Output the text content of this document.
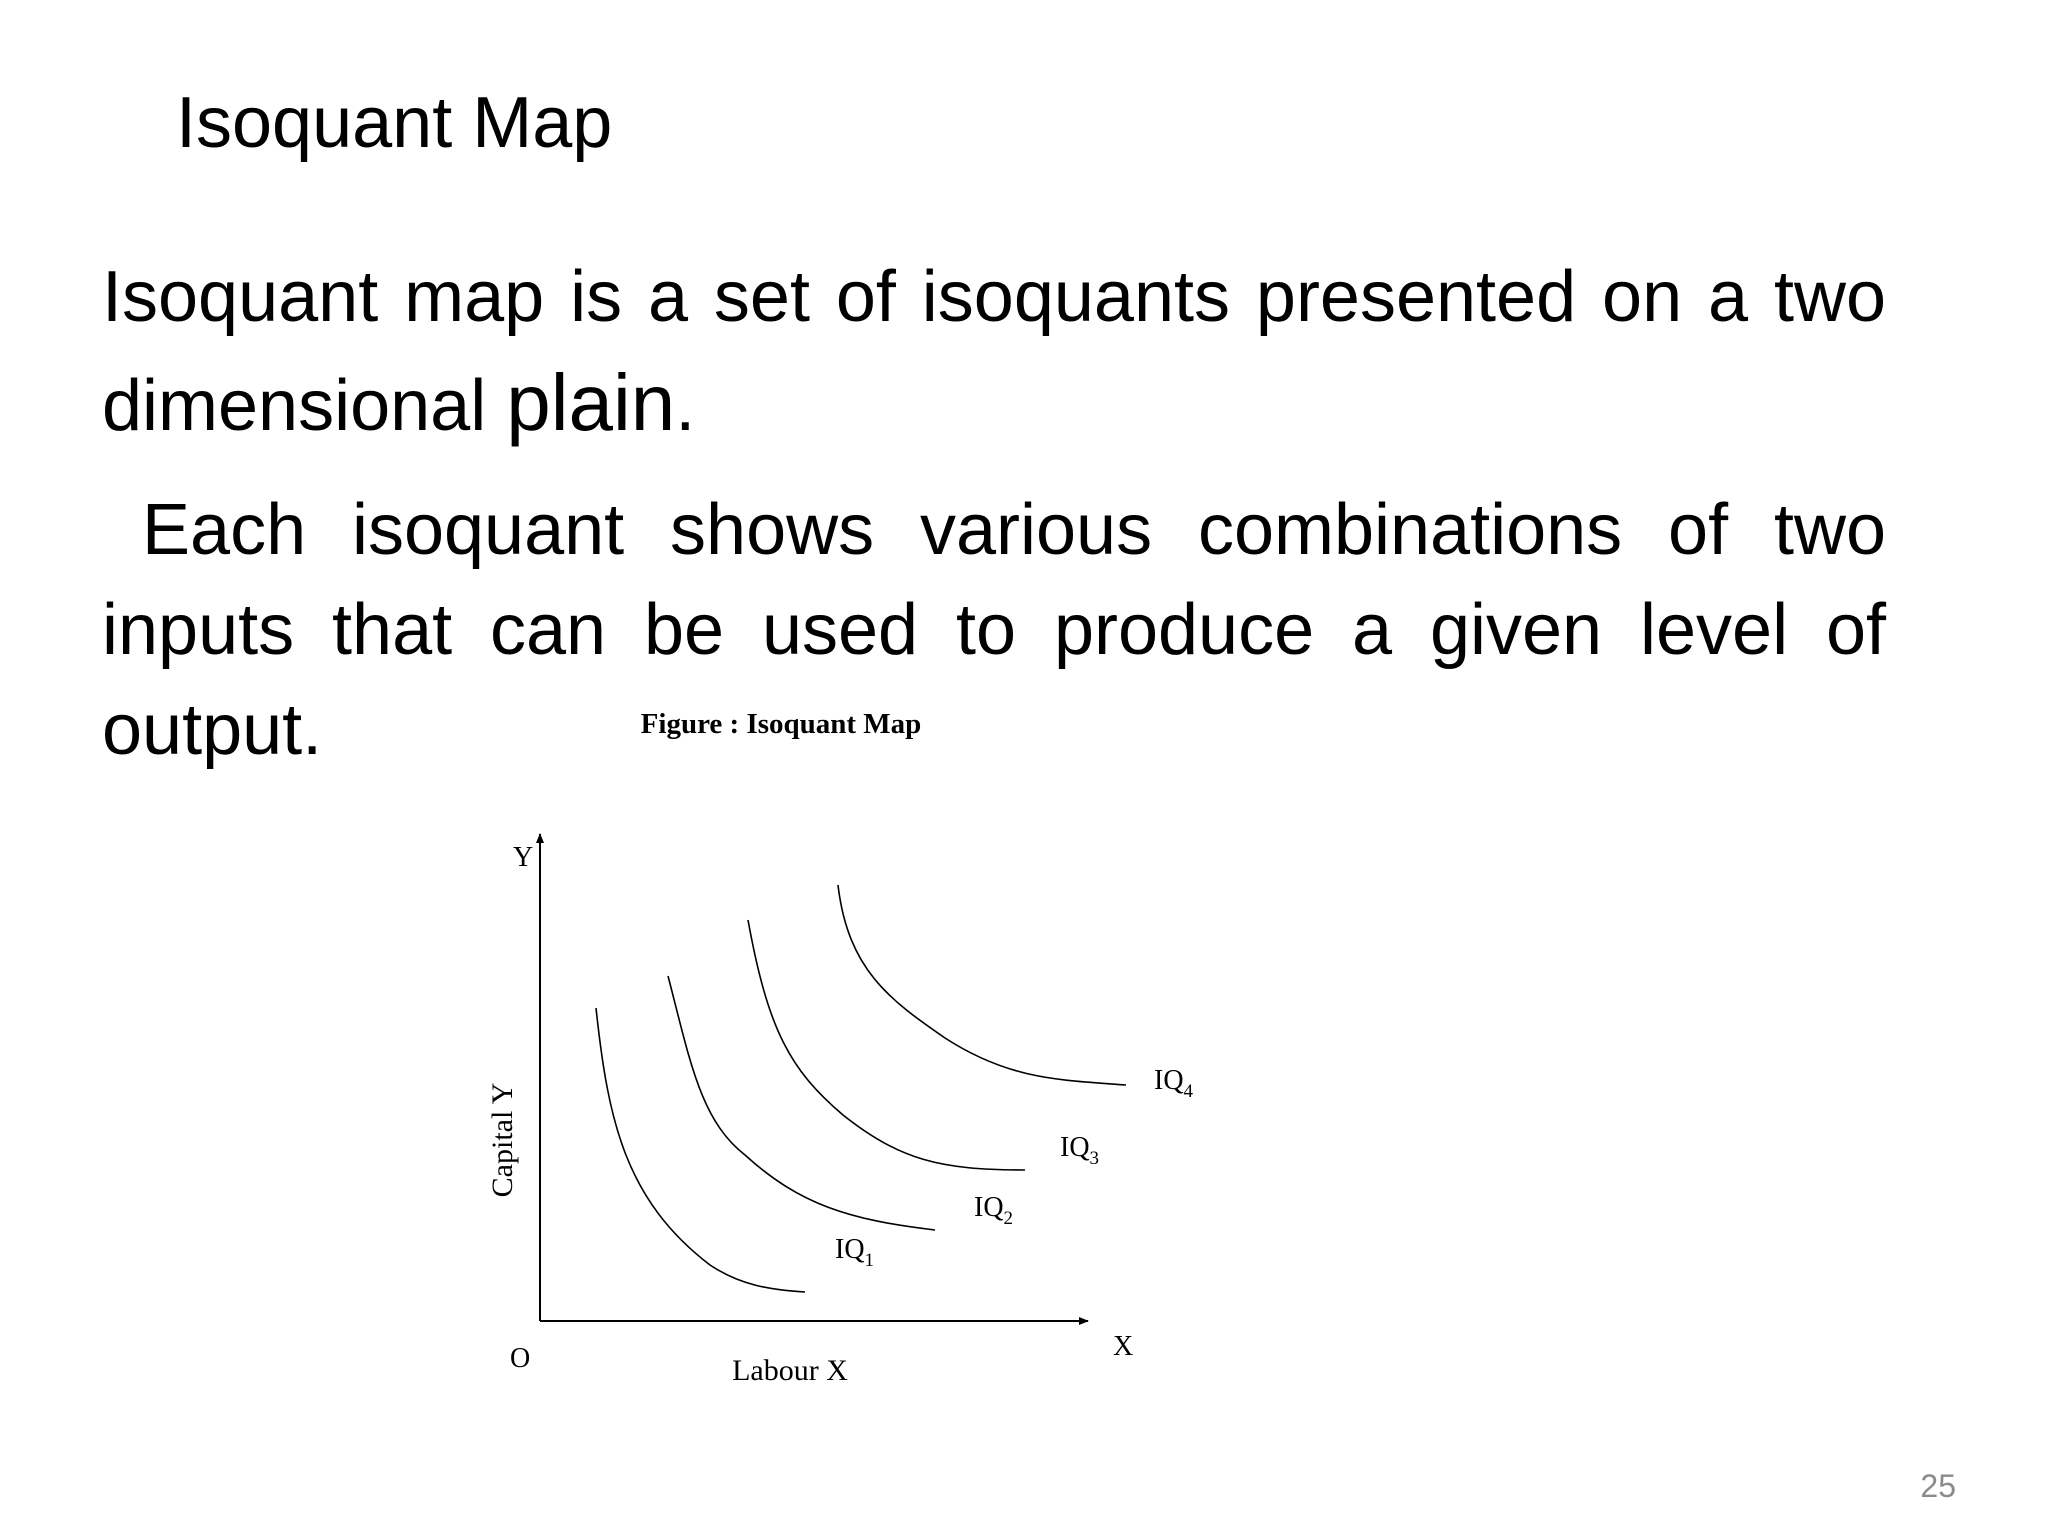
Isoquant Map
Isoquant map is a set of isoquants presented on a two dimensional plain.
Each isoquant shows various combinations of two inputs that can be used to produce a given level of output.	Figure : Isoquant Map
Y
X
O	Labour X
Capital Y
$IQ_1$
$IQ_2$
$IQ_3$
$IQ_4$
25
